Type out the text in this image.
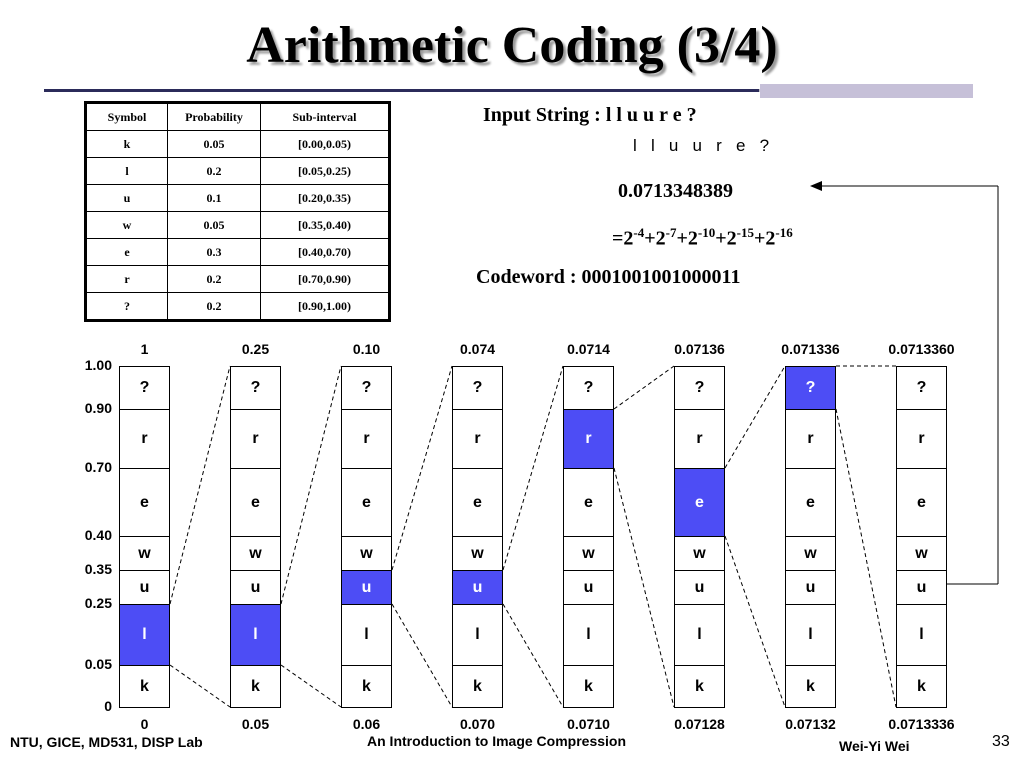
Arithmetic Coding (3/4)
Symbol	Probability	Sub-interval
k	0.05	[0.00,0.05)
l	0.2	[0.05,0.25)
u	0.1	[0.20,0.35)
w	0.05	[0.35,0.40)
e	0.3	[0.40,0.70)
r	0.2	[0.70,0.90)
?	0.2	[0.90,1.00)
Input String : l l u u r e ?
l   l   u   u   r   e   ?
0.0713348389
$=2^{-4}+2^{-7}+2^{-10}+2^{-15}+2^{-16}$
Codeword : 0001001001000011
1.00
0.90
0.70
0.40
0.35
0.25
0.05
0
?
r
e
w
u
l
k
1
0
?
r
e
w
u
l
k
0.25
0.05
?
r
e
w
u
l
k
0.10
0.06
?
r
e
w
u
l
k
0.074
0.070
?
r
e
w
u
l
k
0.0714
0.0710
?
r
e
w
u
l
k
0.07136
0.07128
?
r
e
w
u
l
k
0.071336
0.07132
?
r
e
w
u
l
k
0.0713360
0.0713336
NTU, GICE, MD531, DISP Lab	An Introduction to Image Compression	Wei-Yi Wei	33
